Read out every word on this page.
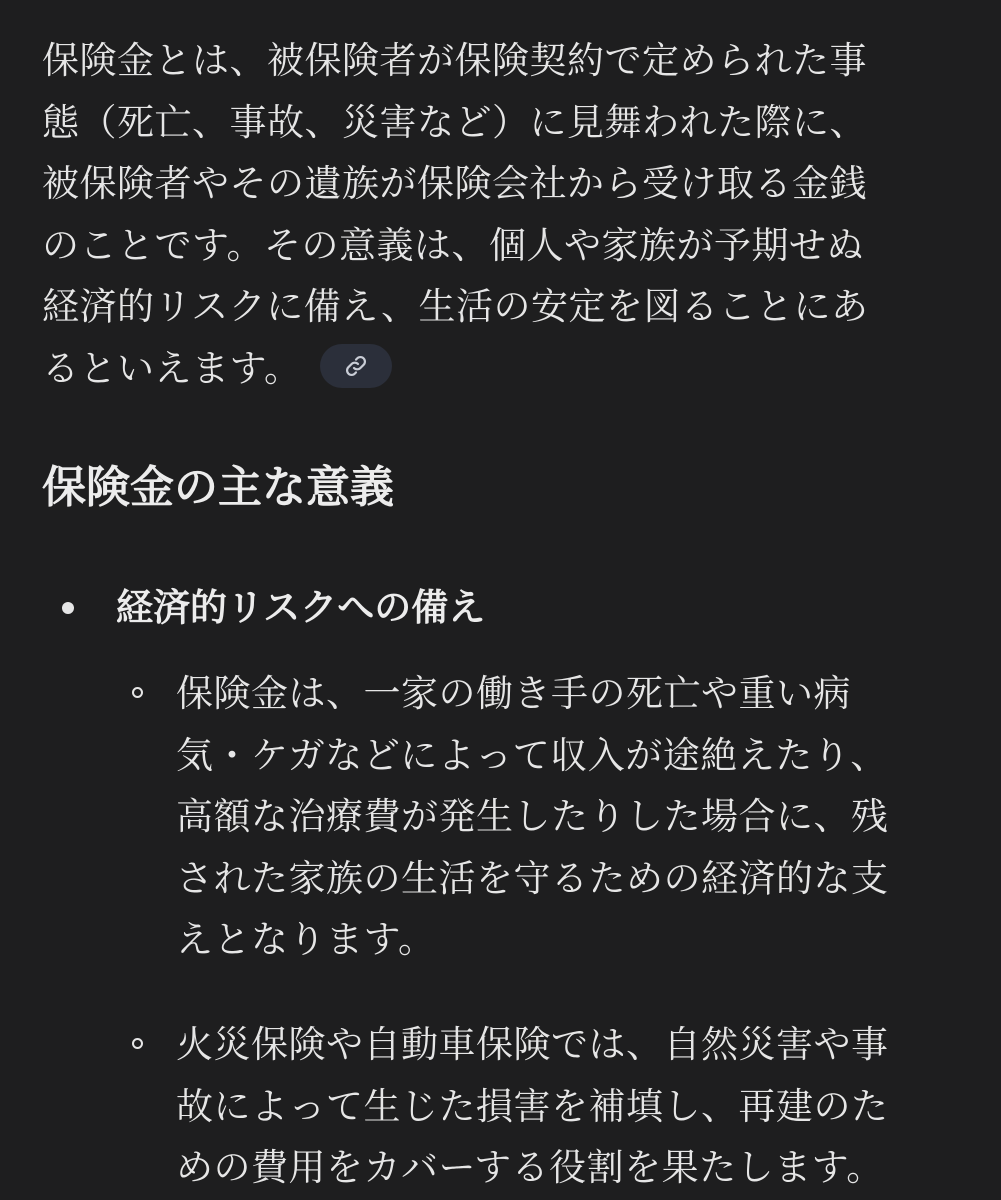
保険金とは、被保険者が保険契約で定められた事
態（死亡、事故、災害など）に見舞われた際に、
被保険者やその遺族が保険会社から受け取る金銭
のことです。その意義は、個人や家族が予期せぬ
経済的リスクに備え、生活の安定を図ることにあ
るといえます。

保険金の主な意義
経済的リスクへの備え
保険金は、一家の働き手の死亡や重い病
気・ケガなどによって収入が途絶えたり、
高額な治療費が発生したりした場合に、残
された家族の生活を守るための経済的な支
えとなります。
火災保険や自動車保険では、自然災害や事
故によって生じた損害を補填し、再建のた
めの費用をカバーする役割を果たします。
